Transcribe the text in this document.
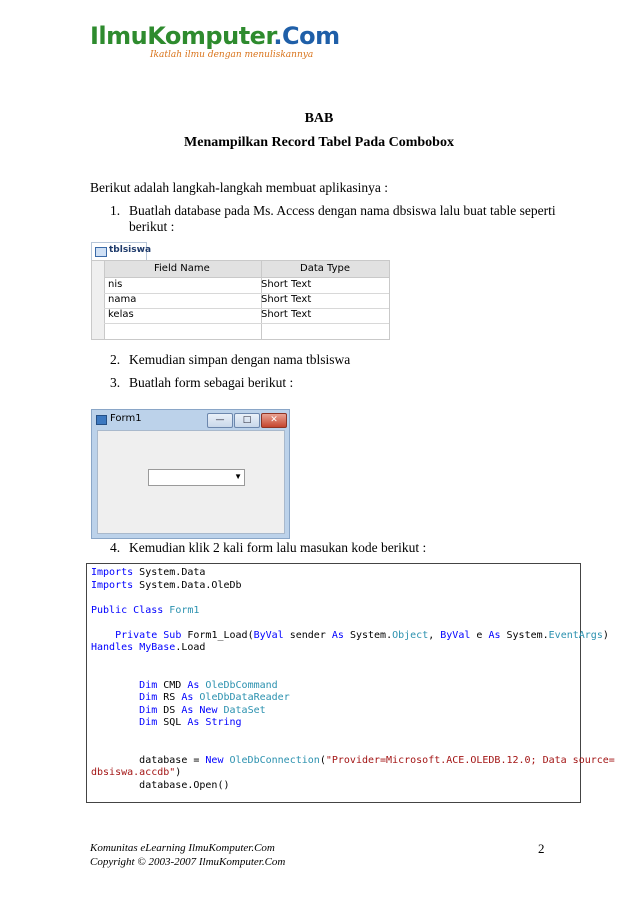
IlmuKomputer.Com
Ikatlah ilmu dengan menuliskannya
BAB
Menampilkan Record Tabel Pada Combobox
Berikut adalah langkah-langkah membuat aplikasinya :
1. Buatlah database pada Ms. Access dengan nama dbsiswa lalu buat table seperti
berikut :
tblsiswa
Field Name	Data Type
nis	Short Text
nama	Short Text
kelas	Short Text
2. Kemudian simpan dengan nama tblsiswa
3. Buatlah form sebagai berikut :
Form1	—	□	✕
▼
4. Kemudian klik 2 kali form lalu masukan kode berikut :
Imports System.Data
Imports System.Data.OleDb

Public Class Form1

Private Sub Form1_Load(ByVal sender As System.Object, ByVal e As System.EventArgs)
Handles MyBase.Load

Dim CMD As OleDbCommand
Dim RS As OleDbDataReader
Dim DS As New DataSet
Dim SQL As String

database = New OleDbConnection("Provider=Microsoft.ACE.OLEDB.12.0; Data source=
dbsiswa.accdb")
database.Open()
Komunitas eLearning IlmuKomputer.Com
Copyright © 2003-2007 IlmuKomputer.Com
2
